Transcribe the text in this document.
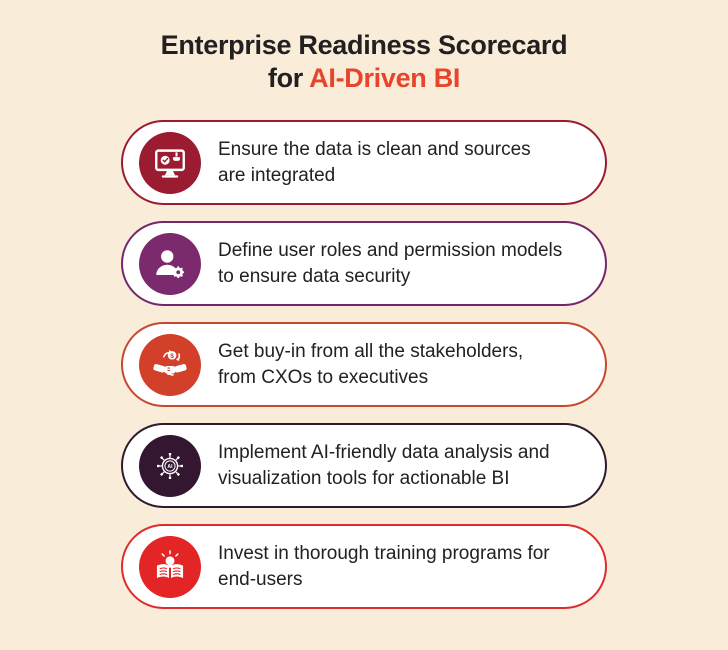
Enterprise Readiness Scorecard
for AI-Driven BI
Ensure the data is clean and sources
are integrated
Define user roles and permission models
to ensure data security
$ Get buy-in from all the stakeholders,
from CXOs to executives
AI
Implement AI-friendly data analysis and
visualization tools for actionable BI
Invest in thorough training programs for
end-users
